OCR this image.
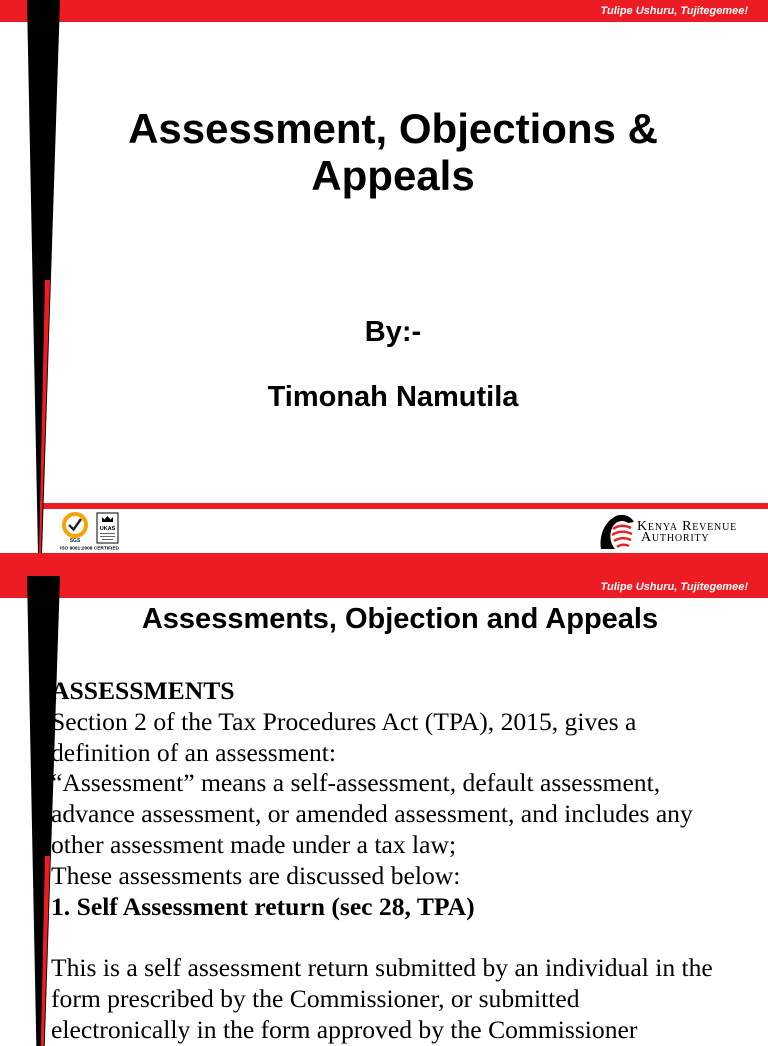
Tulipe Ushuru, Tujitegemee!
Assessment, Objections &
Appeals
By:-
Timonah Namutila
SGS
UKAS
ISO 9001:2008 CERTIFIED
Kenya Revenue
Authority
Tulipe Ushuru, Tujitegemee!
Assessments, Objection and Appeals
ASSESSMENTS
Section 2 of the Tax Procedures Act (TPA), 2015, gives a
definition of an assessment:
“Assessment” means a self-assessment, default assessment,
advance assessment, or amended assessment, and includes any
other assessment made under a tax law;
These assessments are discussed below:
1. Self Assessment return (sec 28, TPA)
This is a self assessment return submitted by an individual in the
form prescribed by the Commissioner, or submitted
electronically in the form approved by the Commissioner
